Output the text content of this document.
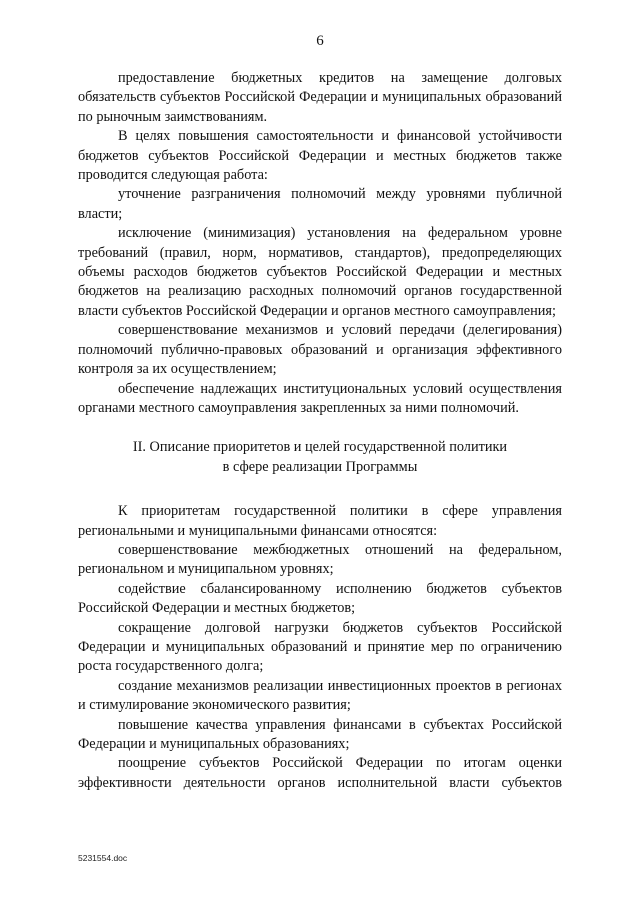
6

предоставление бюджетных кредитов на замещение долговых обязательств субъектов Российской Федерации и муниципальных образований по рыночным заимствованиям.

В целях повышения самостоятельности и финансовой устойчивости бюджетов субъектов Российской Федерации и местных бюджетов также проводится следующая работа:

уточнение разграничения полномочий между уровнями публичной власти;

исключение (минимизация) установления на федеральном уровне требований (правил, норм, нормативов, стандартов), предопределяющих объемы расходов бюджетов субъектов Российской Федерации и местных бюджетов на реализацию расходных полномочий органов государственной власти субъектов Российской Федерации и органов местного самоуправления;

совершенствование механизмов и условий передачи (делегирования) полномочий публично-правовых образований и организация эффективного контроля за их осуществлением;

обеспечение надлежащих институциональных условий осуществления органами местного самоуправления закрепленных за ними полномочий.

II. Описание приоритетов и целей государственной политики
в сфере реализации Программы

К приоритетам государственной политики в сфере управления региональными и муниципальными финансами относятся:

совершенствование межбюджетных отношений на федеральном, региональном и муниципальном уровнях;

содействие сбалансированному исполнению бюджетов субъектов Российской Федерации и местных бюджетов;

сокращение долговой нагрузки бюджетов субъектов Российской Федерации и муниципальных образований и принятие мер по ограничению роста государственного долга;

создание механизмов реализации инвестиционных проектов в регионах и стимулирование экономического развития;

повышение качества управления финансами в субъектах Российской Федерации и муниципальных образованиях;

поощрение субъектов Российской Федерации по итогам оценки эффективности деятельности органов исполнительной власти субъектов

5231554.doc
